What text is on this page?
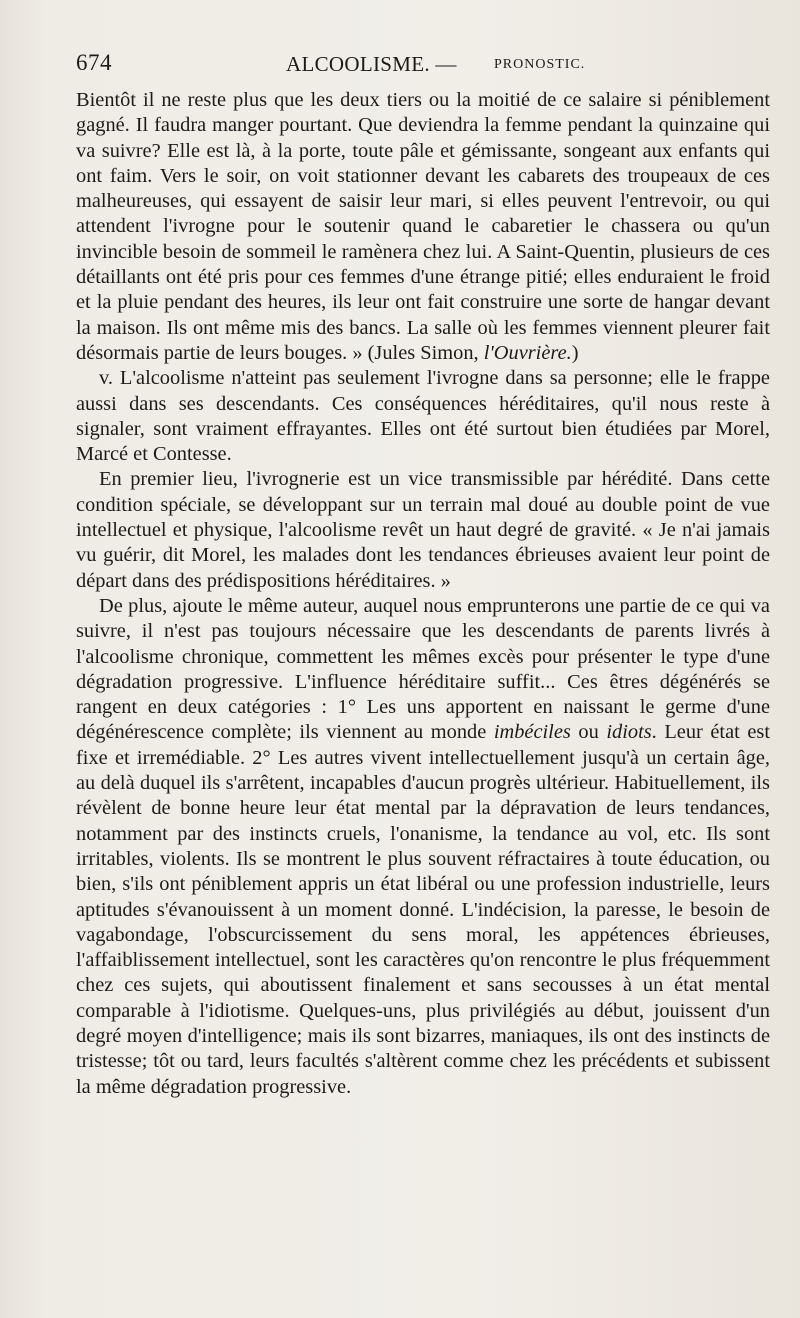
674	ALCOOLISME. —	PRONOSTIC.

Bientôt il ne reste plus que les deux tiers ou la moitié de ce salaire si péniblement gagné. Il faudra manger pourtant. Que deviendra la femme pendant la quinzaine qui va suivre? Elle est là, à la porte, toute pâle et gémissante, songeant aux enfants qui ont faim. Vers le soir, on voit stationner devant les cabarets des troupeaux de ces malheureuses, qui essayent de saisir leur mari, si elles peuvent l'entrevoir, ou qui attendent l'ivrogne pour le soutenir quand le cabaretier le chassera ou qu'un invincible besoin de sommeil le ramènera chez lui. A Saint-Quentin, plusieurs de ces détaillants ont été pris pour ces femmes d'une étrange pitié; elles enduraient le froid et la pluie pendant des heures, ils leur ont fait construire une sorte de hangar devant la maison. Ils ont même mis des bancs. La salle où les femmes viennent pleurer fait désormais partie de leurs bouges. » (Jules Simon, l'Ouvrière.)

v. L'alcoolisme n'atteint pas seulement l'ivrogne dans sa personne; elle le frappe aussi dans ses descendants. Ces conséquences héréditaires, qu'il nous reste à signaler, sont vraiment effrayantes. Elles ont été surtout bien étudiées par Morel, Marcé et Contesse.

En premier lieu, l'ivrognerie est un vice transmissible par hérédité. Dans cette condition spéciale, se développant sur un terrain mal doué au double point de vue intellectuel et physique, l'alcoolisme revêt un haut degré de gravité. « Je n'ai jamais vu guérir, dit Morel, les malades dont les tendances ébrieuses avaient leur point de départ dans des prédispositions héréditaires. »

De plus, ajoute le même auteur, auquel nous emprunterons une partie de ce qui va suivre, il n'est pas toujours nécessaire que les descendants de parents livrés à l'alcoolisme chronique, commettent les mêmes excès pour présenter le type d'une dégradation progressive. L'influence héréditaire suffit... Ces êtres dégénérés se rangent en deux catégories : 1° Les uns apportent en naissant le germe d'une dégénérescence complète; ils viennent au monde imbéciles ou idiots. Leur état est fixe et irremédiable. 2° Les autres vivent intellectuellement jusqu'à un certain âge, au delà duquel ils s'arrêtent, incapables d'aucun progrès ultérieur. Habituellement, ils révèlent de bonne heure leur état mental par la dépravation de leurs tendances, notamment par des instincts cruels, l'onanisme, la tendance au vol, etc. Ils sont irritables, violents. Ils se montrent le plus souvent réfractaires à toute éducation, ou bien, s'ils ont péniblement appris un état libéral ou une profession industrielle, leurs aptitudes s'évanouissent à un moment donné. L'indécision, la paresse, le besoin de vagabondage, l'obscurcissement du sens moral, les appétences ébrieuses, l'affaiblissement intellectuel, sont les caractères qu'on rencontre le plus fréquemment chez ces sujets, qui aboutissent finalement et sans secousses à un état mental comparable à l'idiotisme. Quelques-uns, plus privilégiés au début, jouissent d'un degré moyen d'intelligence; mais ils sont bizarres, maniaques, ils ont des instincts de tristesse; tôt ou tard, leurs facultés s'altèrent comme chez les précédents et subissent la même dégradation progressive.
